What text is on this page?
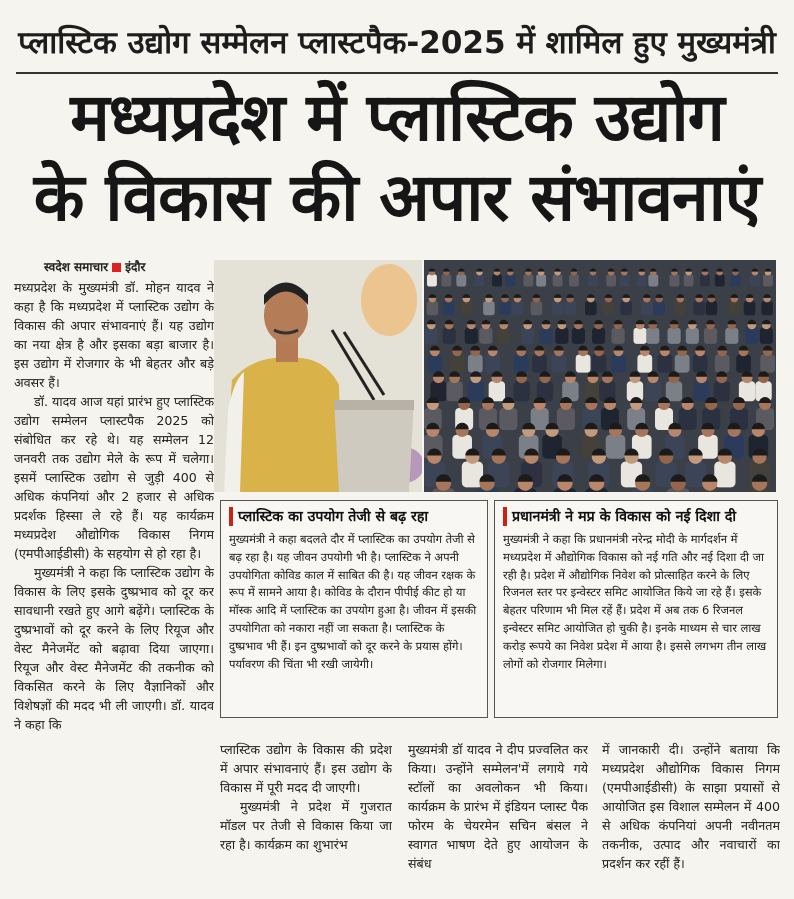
प्लास्टिक उद्योग सम्मेलन प्लास्टपैक-2025 में शामिल हुए मुख्यमंत्री
मध्यप्रदेश में प्लास्टिक उद्योग
के विकास की अपार संभावनाएं
स्वदेश समाचार इंदौर

मध्यप्रदेश के मुख्यमंत्री डॉ. मोहन यादव ने कहा है कि मध्यप्रदेश में प्लास्टिक उद्योग के विकास की अपार संभावनाएं हैं। यह उद्योग का नया क्षेत्र है और इसका बड़ा बाजार है। इस उद्योग में रोजगार के भी बेहतर और बड़े अवसर हैं।

डॉ. यादव आज यहां प्रारंभ हुए प्लास्टिक उद्योग सम्मेलन प्लास्टपैक 2025 को संबोधित कर रहे थे। यह सम्मेलन 12 जनवरी तक उद्योग मेले के रूप में चलेगा। इसमें प्लास्टिक उद्योग से जुड़ी 400 से अधिक कंपनियां और 2 हजार से अधिक प्रदर्शक हिस्सा ले रहे हैं। यह कार्यक्रम मध्यप्रदेश औद्योगिक विकास निगम (एमपीआईडीसी) के सहयोग से हो रहा है।

मुख्यमंत्री ने कहा कि प्लास्टिक उद्योग के विकास के लिए इसके दुष्प्रभाव को दूर कर सावधानी रखते हुए आगे बढ़ेंगे। प्लास्टिक के दुष्प्रभावों को दूर करने के लिए रियूज और वेस्ट मैनेजमेंट को बढ़ावा दिया जाएगा। रियूज और वेस्ट मैनेजमेंट की तकनीक को विकसित करने के लिए वैज्ञानिकों और विशेषज्ञों की मदद भी ली जाएगी। डॉ. यादव ने कहा कि

प्लास्टिक का उपयोग तेजी से बढ़ रहा
मुख्यमंत्री ने कहा बदलते दौर में प्लास्टिक का उपयोग तेजी से बढ़ रहा है। यह जीवन उपयोगी भी है। प्लास्टिक ने अपनी उपयोगिता कोविड काल में साबित की है। यह जीवन रक्षक के रूप में सामने आया है। कोविड के दौरान पीपीई कीट हो या मॉस्क आदि में प्लास्टिक का उपयोग हुआ है। जीवन में इसकी उपयोगिता को नकारा नहीं जा सकता है। प्लास्टिक के दुष्प्रभाव भी हैं। इन दुष्प्रभावों को दूर करने के प्रयास होंगे। पर्यावरण की चिंता भी रखी जायेगी।
प्रधानमंत्री ने मप्र के विकास को नई दिशा दी
मुख्यमंत्री ने कहा कि प्रधानमंत्री नरेन्द्र मोदी के मार्गदर्शन में मध्यप्रदेश में औद्योगिक विकास को नई गति और नई दिशा दी जा रही है। प्रदेश में औद्योगिक निवेश को प्रोत्साहित करने के लिए रिजनल स्तर पर इन्वेस्टर समिट आयोजित किये जा रहे हैं। इसके बेहतर परिणाम भी मिल रहें हैं। प्रदेश में अब तक 6 रिजनल इन्वेस्टर समिट आयोजित हो चुकी है। इनके माध्यम से चार लाख करोड़ रूपये का निवेश प्रदेश में आया है। इससे लगभग तीन लाख लोगों को रोजगार मिलेगा।

प्लास्टिक उद्योग के विकास की प्रदेश में अपार संभावनाएं हैं। इस उद्योग के विकास में पूरी मदद दी जाएगी।

मुख्यमंत्री ने प्रदेश में गुजरात मॉडल पर तेजी से विकास किया जा रहा है। कार्यक्रम का शुभारंभ

मुख्यमंत्री डॉ यादव ने दीप प्रज्वलित कर किया। उन्होंने सम्मेलन'में लगाये गये स्टॉलों का अवलोकन भी किया। कार्यक्रम के प्रारंभ में इंडियन प्लास्ट पैक फोरम के चेयरमेन सचिन बंसल ने स्वागत भाषण देते हुए आयोजन के संबंध

में जानकारी दी। उन्होंने बताया कि मध्यप्रदेश औद्योगिक विकास निगम (एमपीआईडीसी) के साझा प्रयासों से आयोजित इस विशाल सम्मेलन में 400 से अधिक कंपनियां अपनी नवीनतम तकनीक, उत्पाद और नवाचारों का प्रदर्शन कर रहीं हैं।
